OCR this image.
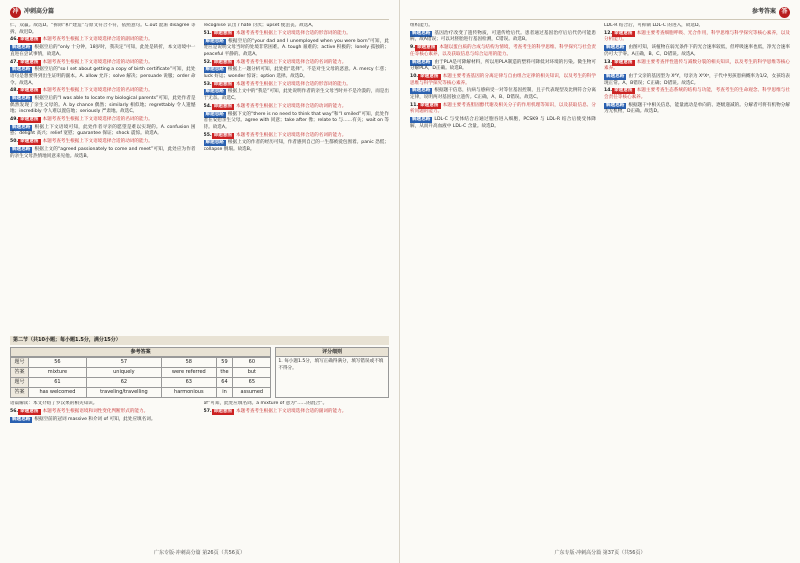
冲 冲刺高分篇
仁，双赢。故选D。“拆除”和“建造”与原文符合不符，依照意句。C.out 混淆 disagree 等拆，故迟D。
46. 命题意图 本题考查考生根据上下文语境选择合适的副词的能力。
解题思路 根据空后的“only 十分钟，18岁时，我决定”可知，此处是转折，本文语境中一直进在尝试事情，故选A。
47. 命题意图 本题考查考生根据上下文语境选择合适的动词的能力。
解题思路 根据空后的“so I set about getting a copy of birth certificate”可知，此处语句是想要得到出生证明的副本。A. allow 允许；solve 解决；persuade 说服；order 命令。故选A。
48. 命题意图 本题考查考生根据上下文语境选择合适的名词的能力。
解题思路 根据空后的“I was able to locate my biological parents”可知，此处作者是偶然发现了亲生父母的。A. by chance 偶然；similarly 相似地；regrettably 令人遗憾地；incredibly 令人难以置信地；seriously 严肃地。故选C。
49. 命题意图 本题考查考生根据上下文语境选择合适的名词的能力。
解题思路 根据上下文语境可知，此处作者寻亲的愿望是难以实现的。A. confusion 困惑；delight 高兴；relief 宽慰；guarantee 保证；shock 震惊。故选A。
50. 命题意图 本题考查考生根据上下文语境选择合适的动词的能力。
解题思路 根据上文的“agreed passionately to come and meet”可知，此处应为作者的亲生父母热情地同意来见他。故选B。
recognise 认出 / hate 讨厌；upset 使沮丧。故选A。
51. 命题意图 本题考查考生根据上下文语境选择合适的形容词的能力。
解题思路 根据空后的“your dad and I unemployed when you were born”可知，此处应是说明父母当时的处境非常困难。A. tough 艰难的；active 积极的；lonely 孤独的；peaceful 平静的。故选A。
52. 命题意图 本题考查考生根据上下文语境选择合适的名词的能力。
解题思路 根据上一题分析可知，此处指“选择”，不是对生父母的恶意。A. mercy 仁慈；luck 好运；wonder 惊讶；option 选择。故选D。
53. 命题意图 本题考查考生根据上下文语境选择合适的形容词的能力。
解题思路 根据上文中的“我是”可知，此处说明作者的亲生父母当时并不是冷漠的，而是出于无奈。故选C。
54. 命题意图 本题考查考生根据上下文语境选择合适的动词的能力。
解题思路 根据下文的“there is no need to think that way”和“I smiled”可知，此处作者在安慰亲生父母。agree with 同意；take after 像；relate to 与……有关；wait on 等待。故选A。
55. 命题意图 本题考查考生根据上下文语境选择合适的名词的能力。
解题思路 根据上文的作者的经历可知，作者感到自己的一生都被爱包围着。panic 恐慌；collapse 倒塌。故选B。
第二节（共10小题；每小题1.5分，满分15分）
参考答案
题号	56	57	58	59	60
答案	mixture	uniquely	were referred	the	but
题号	61	62	63	64	65
答案	has welcomed	traveling/travelling	harmonious	in	assumed
评分细则
1. 每小题1.5分，填写正确得满分，填写错误或不填不得分。
语篇解读：本文介绍了罗汉果的相关知识。
56. 命题意图 本题考查考生根据语境和词性变化判断形式的能力。
解题思路 根据空前的冠词 massive 和介词 of 可知，此处应填名词。
of”可知，此处应填名词。a mixture of 意为“……的混合”。
57. 命题意图 本题考查考生根据上下文语境选择合适的副词的能力。
广东专版·冲刺高分篇 第26页（共56页）
参考答案 答
组织能力。
解题思路 基因治疗改变了遗传物质，可遗传给后代。患者通过基因治疗后后代仍可能患病，故A错误；可以对胚胎进行基因检测，C错误。故选B。
9. 命题意图 本题以蛋白质的合成与结构为情境，考查考生的科学思维、科学探究与社会责任等核心素养，以及获取信息与综合运用的能力。
解题思路 由于PLA是可降解材料，所以用PLA制造的塑料可降低对环境的污染。微生物可分解PLA，D正确。故选B。
10. 命题意图 本题主要考查基因的分离定律与自由组合定律的相关知识，以及考生的科学思维与科学探究等核心素养。
解题思路 根据题干信息，抗病与感病受一对等位基因控制，且子代表现型及比例符合分离定律，说明两对基因独立遗传。C正确，A、B、D错误。故选C。
11. 命题意图 本题主要考查胆固醇代谢及相关分子的作用机理等知识，以及获取信息、分析问题的能力。
解题思路 LDL-C 与受体结合后通过胞吞进入细胞，PCSK9 与 LDL-R 结合后使受体降解，从而升高血液中 LDL-C 含量。故选D。
LDL-R 结合后，可抑制 LDL-C 的进入，故选D。
12. 命题意图 本题主要考查细胞呼吸、光合作用，科学思维与科学探究等核心素养，以及分析能力。
解题思路 由图可知，该植物在弱光条件下的光合速率较低，但呼吸速率也低，净光合速率仍可大于零。A正确，B、C、D错误。故选A。
13. 命题意图 本题主要考查伴性遗传与减数分裂的相关知识，以及考生的科学思维等核心素养。
解题思路 由于父亲的基因型为 XᴬY，母亲为 XᴬXᵃ，子代中男孩患病概率为1/2，女孩均表现正常。A、B错误；C正确；D错误。故选C。
14. 命题意图 本题主要考查生态系统的结构与功能，考查考生的生命观念、科学思维与社会责任等核心素养。
解题思路 根据题干中相关信息，能量流动是单向的、逐级递减的。分解者可将有机物分解为无机物，D正确。故选D。
广东专版·冲刺高分篇 第37页（共56页）
